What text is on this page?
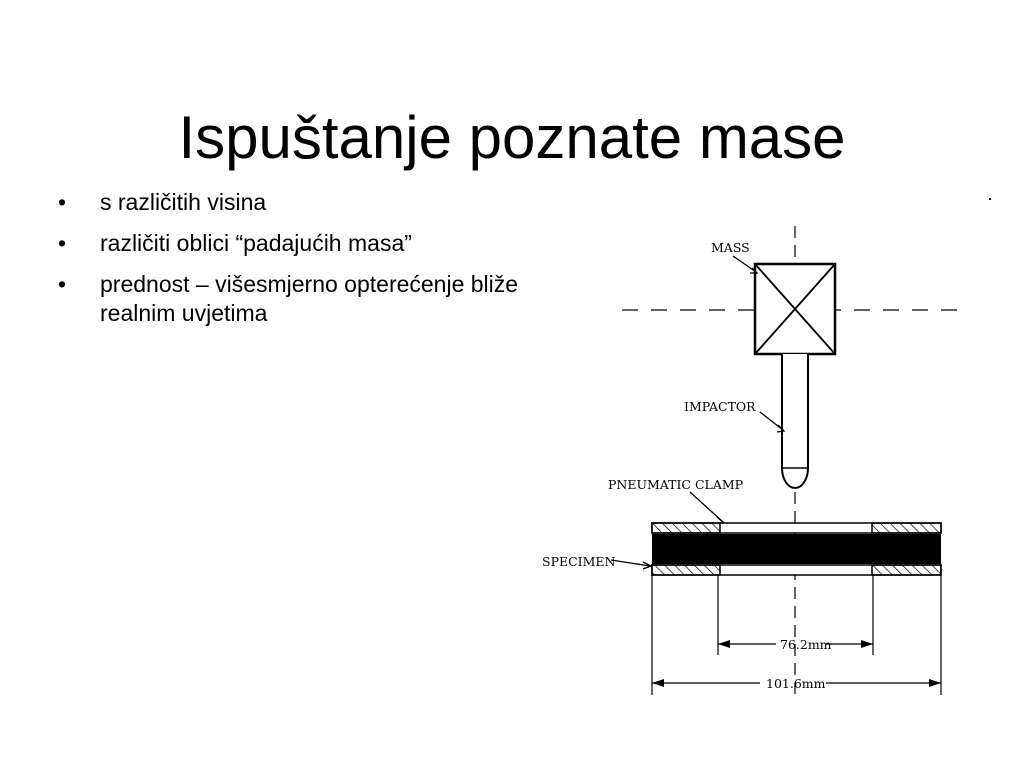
Ispuštanje poznate mase
• s različitih visina
• različiti oblici “padajućih masa”
• prednost – višesmjerno opterećenje bliže realnim uvjetima
MASS
IMPACTOR
PNEUMATIC CLAMP
SPECIMEN
76.2mm
101.6mm
